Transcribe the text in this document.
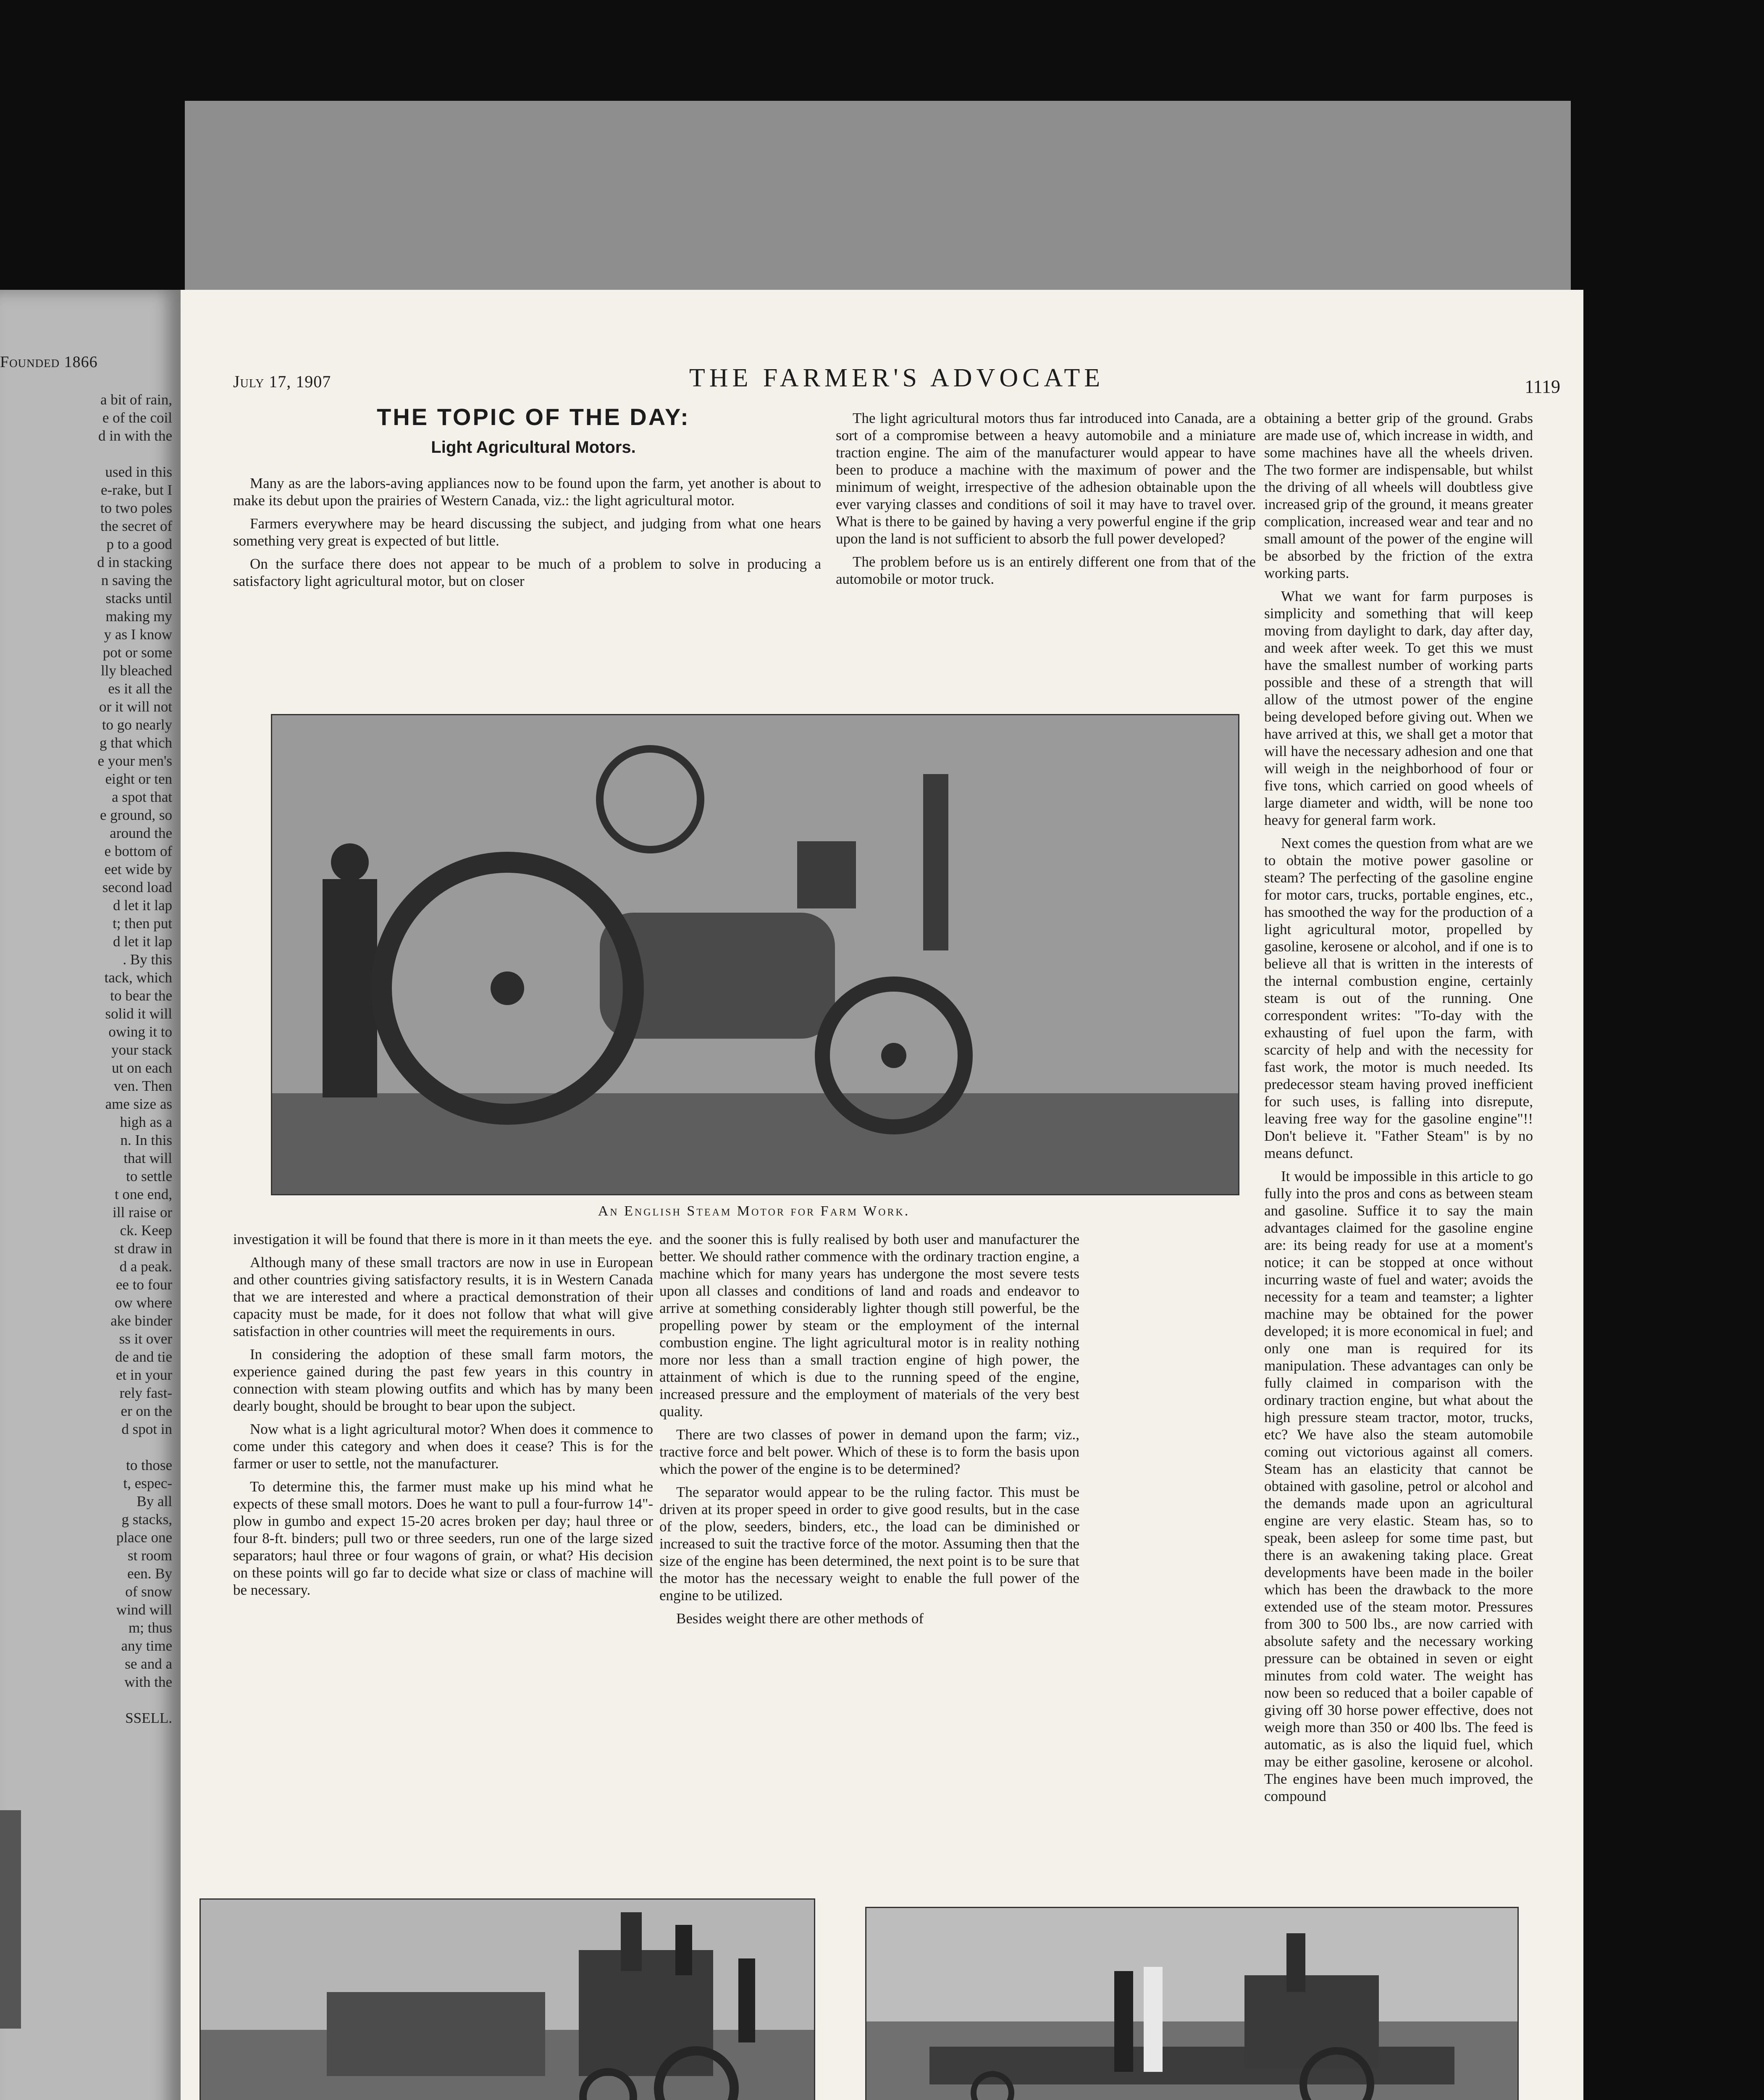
Founded 1866
a bit of rain,
e of the coil
d in with the

used in this
e-rake, but I
to two poles
the secret of
p to a good
d in stacking
n saving the
stacks until
making my
y as I know
pot or some
lly bleached
es it all the
or it will not
to go nearly
g that which
e your men's
eight or ten
a spot that
e ground, so
around the
e bottom of
eet wide by
second load
d let it lap
t; then put
d let it lap
. By this
tack, which
to bear the
solid it will
owing it to
your stack
ut on each
ven. Then
ame size as
high as a
n. In this
that will
to settle
t one end,
ill raise or
ck. Keep
st draw in
d a peak.
ee to four
ow where
ake binder
ss it over
de and tie
et in your
rely fast-
er on the
d spot in

to those
t, espec-
By all
g stacks,
place one
st room
een. By
of snow
wind will
m; thus
any time
se and a
with the

SSELL.
July 17, 1907	THE FARMER'S ADVOCATE	1119
THE TOPIC OF THE DAY:
Light Agricultural Motors.

Many as are the labors-aving appliances now to be found upon the farm, yet another is about to make its debut upon the prairies of Western Canada, viz.: the light agricultural motor.

Farmers everywhere may be heard discussing the subject, and judging from what one hears something very great is expected of but little.

On the surface there does not appear to be much of a problem to solve in producing a satisfactory light agricultural motor, but on closer

The light agricultural motors thus far introduced into Canada, are a sort of a compromise between a heavy automobile and a miniature traction engine. The aim of the manufacturer would appear to have been to produce a machine with the maximum of power and the minimum of weight, irrespective of the adhesion obtainable upon the ever varying classes and conditions of soil it may have to travel over. What is there to be gained by having a very powerful engine if the grip upon the land is not sufficient to absorb the full power developed?

The problem before us is an entirely different one from that of the automobile or motor truck.

obtaining a better grip of the ground. Grabs are made use of, which increase in width, and some machines have all the wheels driven. The two former are indispensable, but whilst the driving of all wheels will doubtless give increased grip of the ground, it means greater complication, increased wear and tear and no small amount of the power of the engine will be absorbed by the friction of the extra working parts.

What we want for farm purposes is simplicity and something that will keep moving from daylight to dark, day after day, and week after week. To get this we must have the smallest number of working parts possible and these of a strength that will allow of the utmost power of the engine being developed before giving out. When we have arrived at this, we shall get a motor that will have the necessary adhesion and one that will weigh in the neighborhood of four or five tons, which carried on good wheels of large diameter and width, will be none too heavy for general farm work.

Next comes the question from what are we to obtain the motive power gasoline or steam? The perfecting of the gasoline engine for motor cars, trucks, portable engines, etc., has smoothed the way for the production of a light agricultural motor, propelled by gasoline, kerosene or alcohol, and if one is to believe all that is written in the interests of the internal combustion engine, certainly steam is out of the running. One correspondent writes: "To-day with the exhausting of fuel upon the farm, with scarcity of help and with the necessity for fast work, the motor is much needed. Its predecessor steam having proved inefficient for such uses, is falling into disrepute, leaving free way for the gasoline engine"!! Don't believe it. "Father Steam" is by no means defunct.

It would be impossible in this article to go fully into the pros and cons as between steam and gasoline. Suffice it to say the main advantages claimed for the gasoline engine are: its being ready for use at a moment's notice; it can be stopped at once without incurring waste of fuel and water; avoids the necessity for a team and teamster; a lighter machine may be obtained for the power developed; it is more economical in fuel; and only one man is required for its manipulation. These advantages can only be fully claimed in comparison with the ordinary traction engine, but what about the high pressure steam tractor, motor, trucks, etc? We have also the steam automobile coming out victorious against all comers. Steam has an elasticity that cannot be obtained with gasoline, petrol or alcohol and the demands made upon an agricultural engine are very elastic. Steam has, so to speak, been asleep for some time past, but there is an awakening taking place. Great developments have been made in the boiler which has been the drawback to the more extended use of the steam motor. Pressures from 300 to 500 lbs., are now carried with absolute safety and the necessary working pressure can be obtained in seven or eight minutes from cold water. The weight has now been so reduced that a boiler capable of giving off 30 horse power effective, does not weigh more than 350 or 400 lbs. The feed is automatic, as is also the liquid fuel, which may be either gasoline, kerosene or alcohol. The engines have been much improved, the compound

An English Steam Motor for Farm Work.

investigation it will be found that there is more in it than meets the eye.

Although many of these small tractors are now in use in European and other countries giving satisfactory results, it is in Western Canada that we are interested and where a practical demonstration of their capacity must be made, for it does not follow that what will give satisfaction in other countries will meet the requirements in ours.

In considering the adoption of these small farm motors, the experience gained during the past few years in this country in connection with steam plowing outfits and which has by many been dearly bought, should be brought to bear upon the subject.

Now what is a light agricultural motor? When does it commence to come under this category and when does it cease? This is for the farmer or user to settle, not the manufacturer.

To determine this, the farmer must make up his mind what he expects of these small motors. Does he want to pull a four-furrow 14"-plow in gumbo and expect 15-20 acres broken per day; haul three or four 8-ft. binders; pull two or three seeders, run one of the large sized separators; haul three or four wagons of grain, or what? His decision on these points will go far to decide what size or class of machine will be necessary.

and the sooner this is fully realised by both user and manufacturer the better. We should rather commence with the ordinary traction engine, a machine which for many years has undergone the most severe tests upon all classes and conditions of land and roads and endeavor to arrive at something considerably lighter though still powerful, be the propelling power by steam or the employment of the internal combustion engine. The light agricultural motor is in reality nothing more nor less than a small traction engine of high power, the attainment of which is due to the running speed of the engine, increased pressure and the employment of materials of the very best quality.

There are two classes of power in demand upon the farm; viz., tractive force and belt power. Which of these is to form the basis upon which the power of the engine is to be determined?

The separator would appear to be the ruling factor. This must be driven at its proper speed in order to give good results, but in the case of the plow, seeders, binders, etc., the load can be diminished or increased to suit the tractive force of the motor. Assuming then that the size of the engine has been determined, the next point is to be sure that the motor has the necessary weight to enable the full power of the engine to be utilized.

Besides weight there are other methods of
